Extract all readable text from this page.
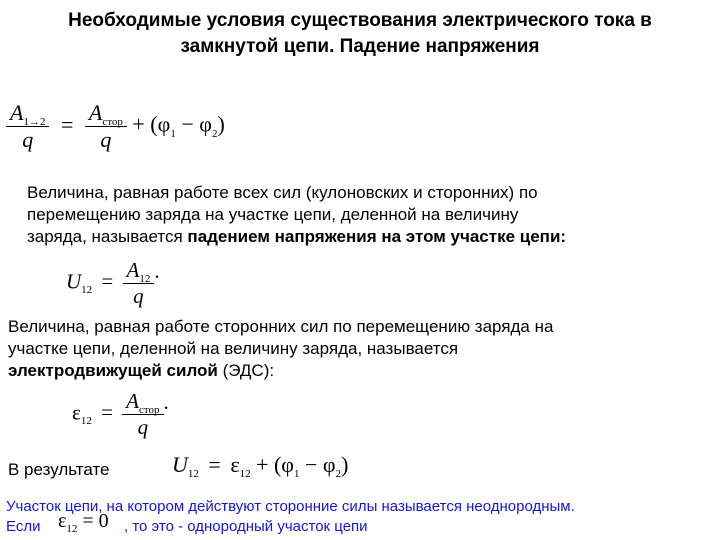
Необходимые условия существования электрического тока в
замкнутой цепи. Падение напряжения
$\frac{A_{1\to 2}}{q} = \frac{A_{стор}}{q} + (\varphi_1 - \varphi_2)$
Величина, равная работе всех сил (кулоновских и сторонних) по
перемещению заряда на участке цепи, деленной на величину
заряда, называется падением напряжения на этом участке цепи:
$U_{12} = \frac{A_{12}}{q}$ .
Величина, равная работе сторонних сил по перемещению заряда на
участке цепи, деленной на величину заряда, называется
электродвижущей силой (ЭДС):
$\varepsilon_{12} = \frac{A_{стор}}{q}$ .
В результате	$U_{12} = \varepsilon_{12} + (\varphi_1 - \varphi_2)$
Участок цепи, на котором действуют сторонние силы называется неоднородным.
Если $\varepsilon_{12} = 0$ , то это - однородный участок цепи
